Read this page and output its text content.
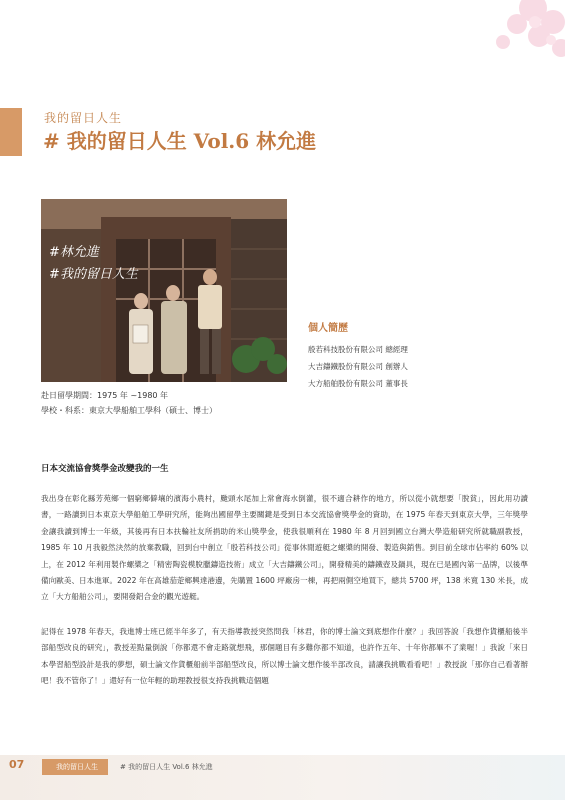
我的留日人生
# 我的留日人生 Vol.6 林允進
#林允進
#我的留日人生
個人簡歷
殷若科技股份有限公司 總經理
大吉鑄鐵股份有限公司 創辦人
大方船舶股份有限公司 董事長
赴日留學期間：1975 年 ~1980 年
學校・科系：東京大學船舶工學科（碩士、博士）
日本交流協會獎學金改變我的一生

我出身在彰化縣芳苑鄉一個窮鄉僻壤的濱海小農村，颱頭水尾加上常會海水倒灌，很不適合耕作的地方，所以從小就想要「脫貧」，因此用功讀書，一路讀到日本東京大學船舶工學研究所，能夠出國留學主要關鍵是受到日本交流協會獎學金的資助，在 1975 年春天到東京大學，三年獎學金讓我讀到博士一年級，其後再有日本扶輪社友所捐助的米山獎學金，使我很順利在 1980 年 8 月回到國立台灣大學造船研究所就職副教授，1985 年 10 月我毅然決然的放棄教職，回到台中創立「殷若科技公司」從事休閒遊艇之螺槳的開發、製造與銷售。到目前全球市佔率約 60% 以上，在 2012 年利用製作螺槳之「精密陶瓷模脫臘鑄造技術」成立「大吉鑄鐵公司」，開發精美的鑄鐵壺及鍋具，現在已是國內第一品牌，以後準備向歐美、日本進軍。2022 年在高雄茄萣鄉興達港邊，先購置 1600 坪廠房一棟，再把兩側空地買下，總共 5700 坪，138 米寬 130 米長，成立「大方船舶公司」，要開發鋁合金的觀光遊艇。

記得在 1978 年春天，我進博士班已經半年多了，有天指導教授突然問我「林君，你的博士論文到底想作什麼？」我回答說「我想作貨櫃船後半部船型改良的研究」，教授差點量倒說「你都還不會走路就想飛，那個題目有多難你都不知道，也許作五年、十年你都畢不了業喔！」我說「來日本學習船型設計是我的夢想，碩士論文作貨櫃船前半部船型改良，所以博士論文想作後半部改良，請讓我挑戰看看吧！」教授說「那你自己看著辦吧！我不管你了！」還好有一位年輕的助理教授很支持我挑戰這個題

07	我的留日人生	# 我的留日人生 Vol.6 林允進
